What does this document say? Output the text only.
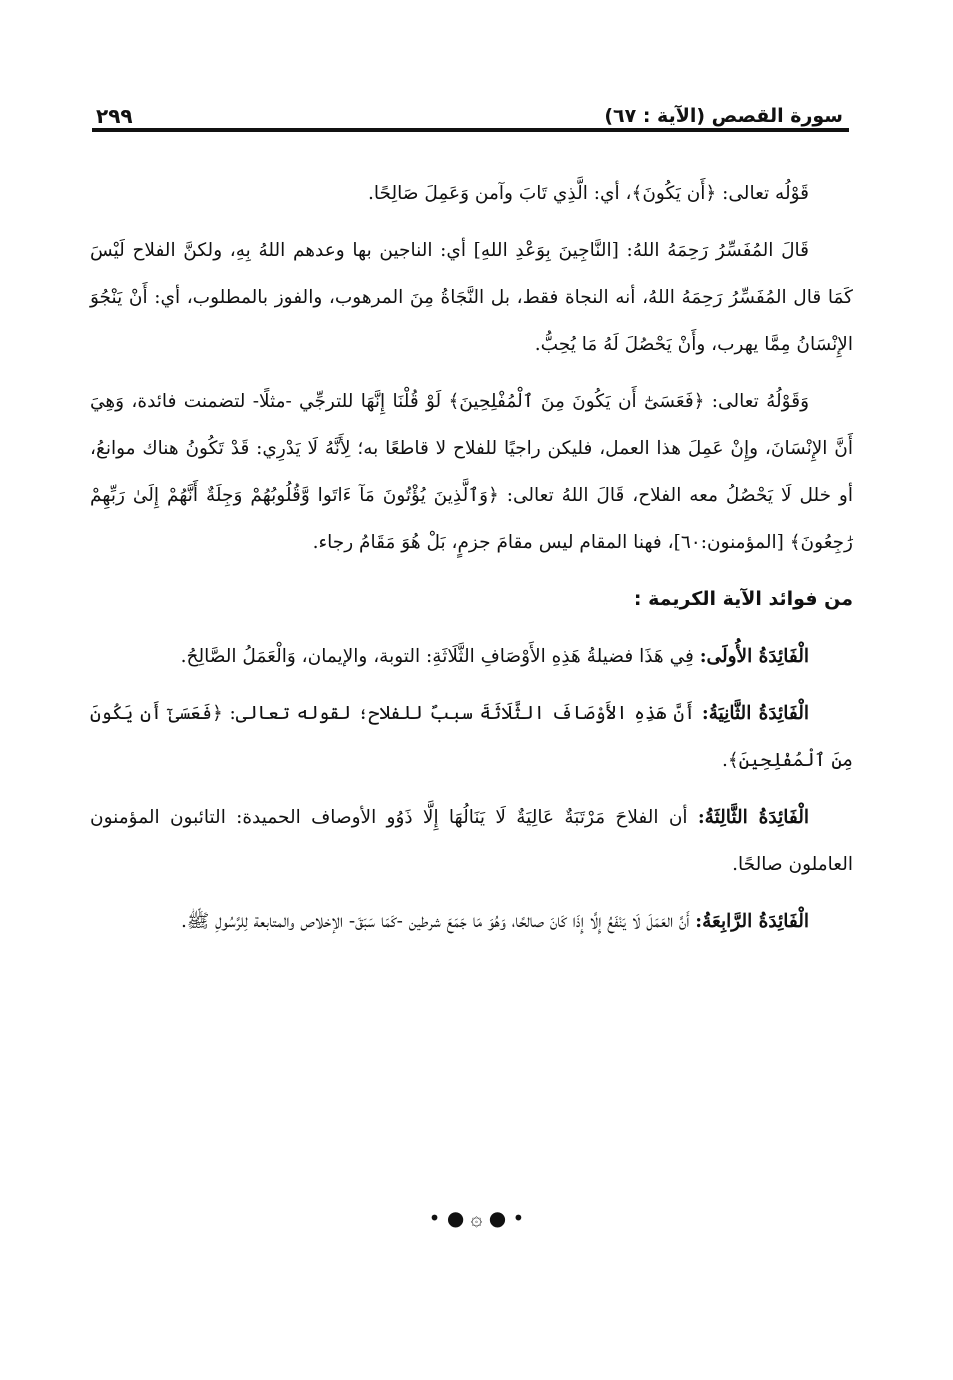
سورة القصص (الآية : ٦٧)
٢٩٩

قَوْلُه تعالى: ﴿أَن يَكُونَ﴾، أي: الَّذِي تَابَ وآمن وَعَمِلَ صَالِحًا.

قَالَ المُفَسِّرُ رَحِمَهُ اللهُ: [النَّاجِينَ بِوَعْدِ اللهِ] أي: الناجين بها وعدهم اللهُ بِهِ، ولكنَّ الفلاح لَيْسَ كَمَا قال المُفَسِّرُ رَحِمَهُ اللهُ، أنه النجاة فقط، بل النَّجَاةُ مِنَ المرهوب، والفوز بالمطلوب، أي: أَنْ يَنْجُوَ الإِنْسَانُ مِمَّا يهرب، وأَنْ يَحْصُلَ لَهُ مَا يُحِبُّ.

وَقَوْلُهُ تعالى: ﴿فَعَسَىٰٓ أَن يَكُونَ مِنَ ٱلْمُفْلِحِينَ﴾ لَوْ قُلْنَا إِنَّهَا للترجِّي -مثلًا- لتضمنت فائدة، وَهِيَ أَنَّ الإِنْسَانَ، وإِنْ عَمِلَ هذا العمل، فليكن راجيًا للفلاح لا قاطعًا به؛ لِأَنَّهُ لَا يَدْرِي: قَدْ تَكُونُ هناك موانعُ، أو خلل لَا يَحْصُلُ معه الفلاح، قَالَ اللهُ تعالى: ﴿وَٱلَّذِينَ يُؤْتُونَ مَآ ءَاتَوا وَّقُلُوبُهُمْ وَجِلَةٌ أَنَّهُمْ إِلَىٰ رَبِّهِمْ رَٰجِعُونَ﴾ [المؤمنون:٦٠]، فهنا المقام ليس مقامَ جزمٍ، بَلْ هُوَ مَقَامُ رجاء.

من فوائد الآية الكريمة :

الْفَائِدَةُ الأُولَى: فِي هَذَا فضيلةُ هَذِهِ الأَوْصَافِ الثَّلَاثَةِ: التوبة، والإيمان، وَالْعَمَلُ الصَّالِحُ.

الْفَائِدَةُ الثَّانِيَةُ: أَنَّ هَذِهِ الأَوْصَافَ الثَّلَاثَةَ سببٌ للفلاح؛ لقوله تعالى: ﴿فَعَسَىٰٓ أَن يَكُونَ مِنَ ٱلْمُفْلِحِينَ﴾.

الْفَائِدَةُ الثَّالِثَةُ: أن الفلاحَ مَرْتَبَةٌ عَالِيَةٌ لَا يَنَالُهَا إِلَّا ذَوُو الأوصاف الحميدة: التائبون المؤمنون العاملون صالحًا.

الْفَائِدَةُ الرَّابِعَةُ: أَنَّ العَمَلَ لَا يَنْفَعُ إِلَّا إِذَا كَانَ صالحًا، وَهُوَ مَا جَمَعَ شرطين -كَمَا سَبَقَ- الإخلاص والمتابعة لِلرَّسُولِ ﷺ.

• ● ۞ ● •
